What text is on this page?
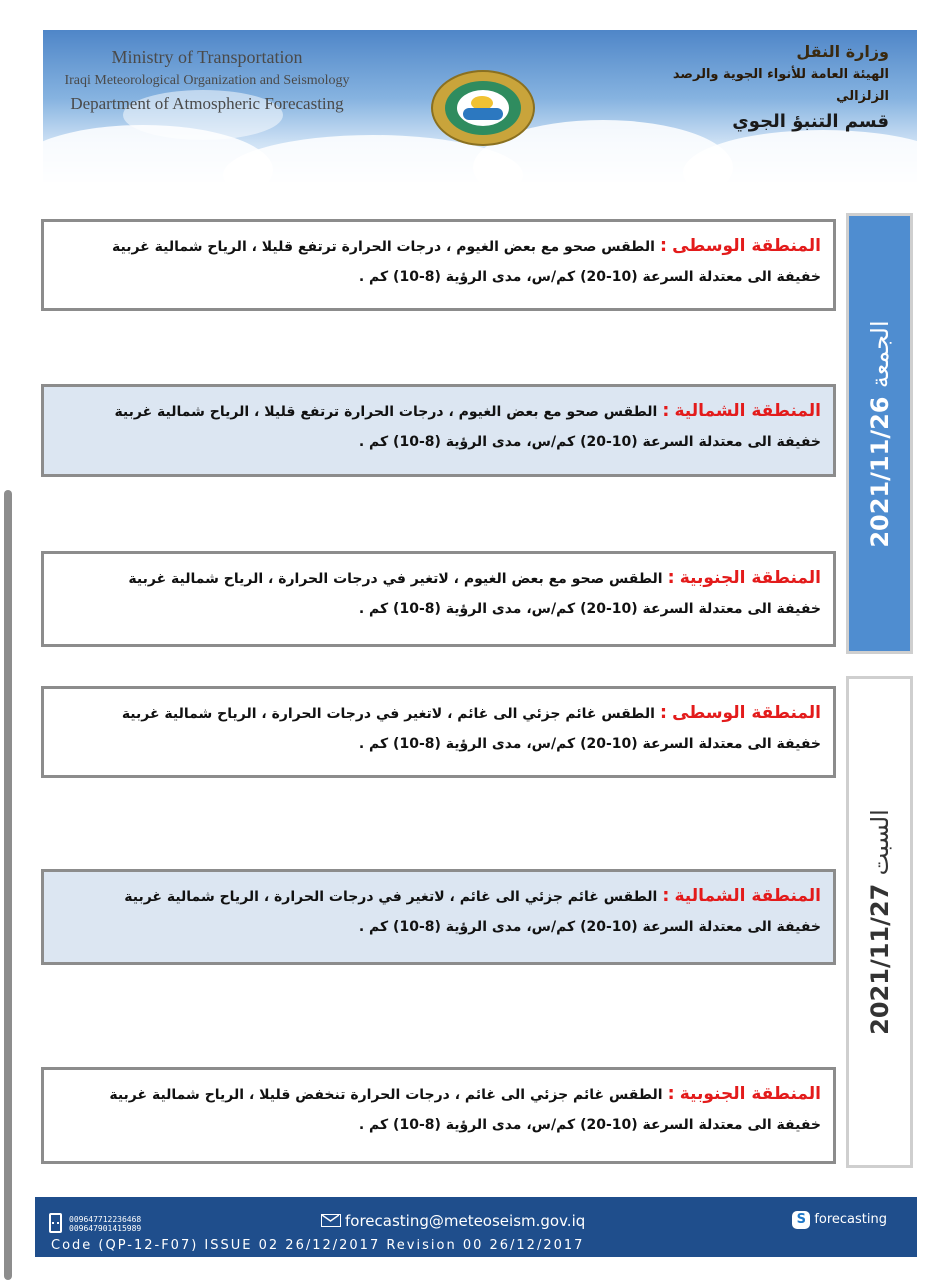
Ministry of Transportation
Iraqi Meteorological Organization and Seismology
Department of Atmospheric Forecasting
وزارة النقل
الهيئة العامة للأنواء الجوية والرصد الزلزالي
قسم التنبؤ الجوي
المنطقة الوسطى:الطقس صحو مع بعض الغيوم ، درجات الحرارة ترتفع قليلا ، الرياح شمالية غربية
خفيفة الى معتدلة السرعة (10-20) كم/س، مدى الرؤية (8-10) كم .
المنطقة الشمالية:الطقس صحو مع بعض الغيوم ، درجات الحرارة ترتفع قليلا ، الرياح شمالية غربية
خفيفة الى معتدلة السرعة (10-20) كم/س، مدى الرؤية (8-10) كم .
المنطقة الجنوبية:الطقس صحو مع بعض الغيوم ، لاتغير في درجات الحرارة ، الرياح شمالية غربية
خفيفة الى معتدلة السرعة (10-20) كم/س، مدى الرؤية (8-10) كم .
الجمعة 2021/11/26
المنطقة الوسطى:الطقس غائم جزئي الى غائم ، لاتغير في درجات الحرارة ، الرياح شمالية غربية
خفيفة الى معتدلة السرعة (10-20) كم/س، مدى الرؤية (8-10) كم .
المنطقة الشمالية:الطقس غائم جزئي الى غائم ، لاتغير في درجات الحرارة ، الرياح شمالية غربية
خفيفة الى معتدلة السرعة (10-20) كم/س، مدى الرؤية (8-10) كم .
المنطقة الجنوبية:الطقس غائم جزئي الى غائم ، درجات الحرارة تنخفض قليلا ، الرياح شمالية غربية
خفيفة الى معتدلة السرعة (10-20) كم/س، مدى الرؤية (8-10) كم .
السبت 2021/11/27
009647712236468
009647901415989	forecasting@meteoseism.gov.iq	S forecasting
Code (QP-12-F07) ISSUE 02 26/12/2017 Revision 00 26/12/2017
